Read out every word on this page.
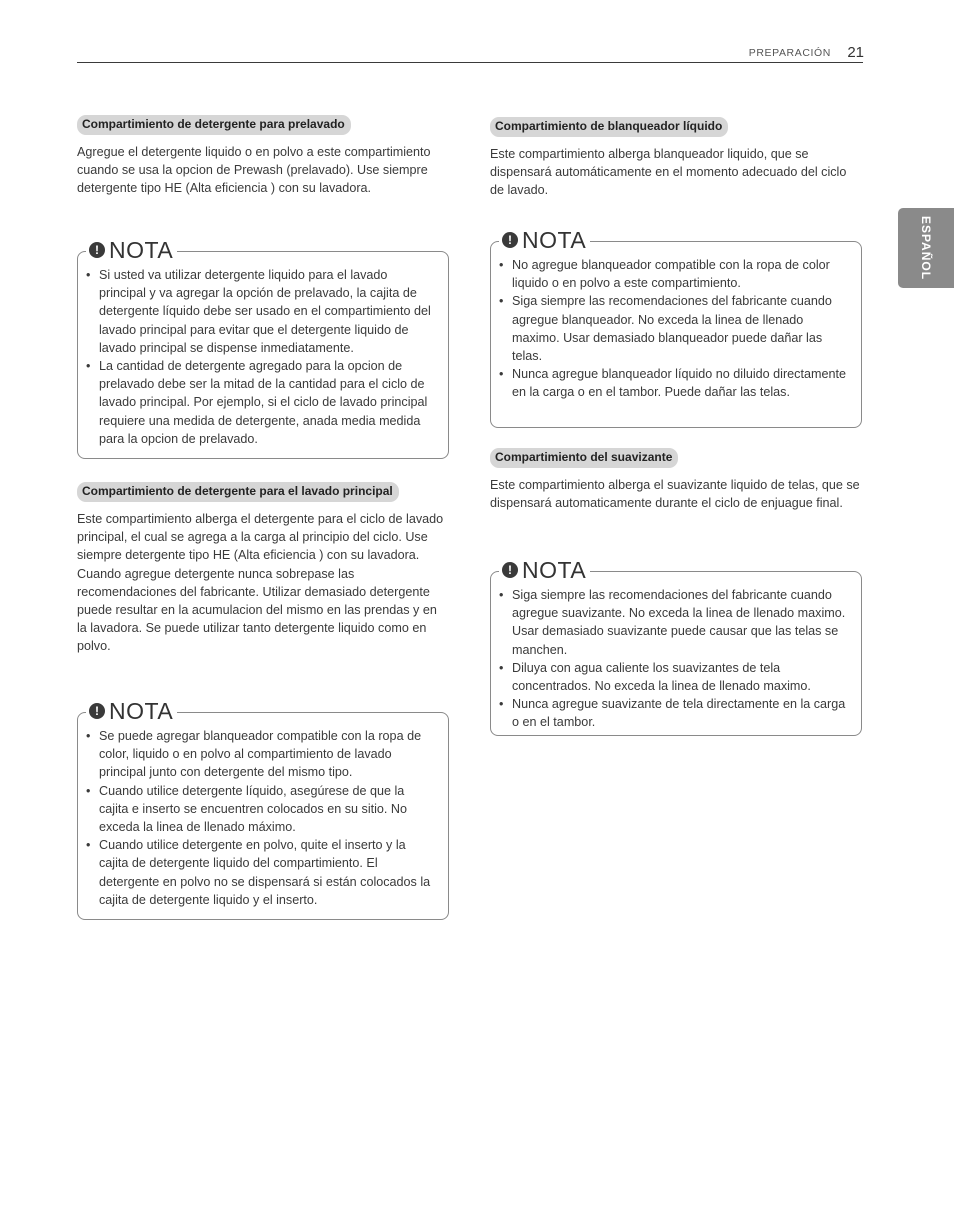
PREPARACIÓN 21
ESPAÑOL
Compartimiento de detergente para prelavado

Agregue el detergente liquido o en polvo a este compartimiento cuando se usa la opcion de Prewash (prelavado). Use siempre detergente tipo HE (Alta eficiencia ) con su lavadora.

! NOTA
• Si usted va utilizar detergente liquido para el lavado principal y va agregar la opción de prelavado, la cajita de detergente líquido debe ser usado en el compartimiento del lavado principal para evitar que el detergente liquido de lavado principal se dispense inmediatamente.
• La cantidad de detergente agregado para la opcion de prelavado debe ser la mitad de la cantidad para el ciclo de lavado principal. Por ejemplo, si el ciclo de lavado principal requiere una medida de detergente, anada media medida para la opcion de prelavado.
Compartimiento de detergente para el lavado principal

Este compartimiento alberga el detergente para el ciclo de lavado principal, el cual se agrega a la carga al principio del ciclo. Use siempre detergente tipo HE (Alta eficiencia ) con su lavadora.

Cuando agregue detergente nunca sobrepase las recomendaciones del fabricante. Utilizar demasiado detergente puede resultar en la acumulacion del mismo en las prendas y en la lavadora. Se puede utilizar tanto detergente liquido como en polvo.

! NOTA
• Se puede agregar blanqueador compatible con la ropa de color, liquido o en polvo al compartimiento de lavado principal junto con detergente del mismo tipo.
• Cuando utilice detergente líquido, asegúrese de que la cajita e inserto se encuentren colocados en su sitio. No exceda la linea de llenado máximo.
• Cuando utilice detergente en polvo, quite el inserto y la cajita de detergente liquido del compartimiento. El detergente en polvo no se dispensará si están colocados la cajita de detergente liquido y el inserto.
Compartimiento de blanqueador líquido

Este compartimiento alberga blanqueador liquido, que se dispensará automáticamente en el momento adecuado del ciclo de lavado.

! NOTA
• No agregue blanqueador compatible con la ropa de color liquido o en polvo a este compartimiento.
• Siga siempre las recomendaciones del fabricante cuando agregue blanqueador. No exceda la linea de llenado maximo. Usar demasiado blanqueador puede dañar las telas.
• Nunca agregue blanqueador líquido no diluido directamente en la carga o en el tambor. Puede dañar las telas.
Compartimiento del suavizante

Este compartimiento alberga el suavizante liquido de telas, que se dispensará automaticamente durante el ciclo de enjuague final.

! NOTA
• Siga siempre las recomendaciones del fabricante cuando agregue suavizante. No exceda la linea de llenado maximo. Usar demasiado suavizante puede causar que las telas se manchen.
• Diluya con agua caliente los suavizantes de tela concentrados. No exceda la linea de llenado maximo.
• Nunca agregue suavizante de tela directamente en la carga o en el tambor.
